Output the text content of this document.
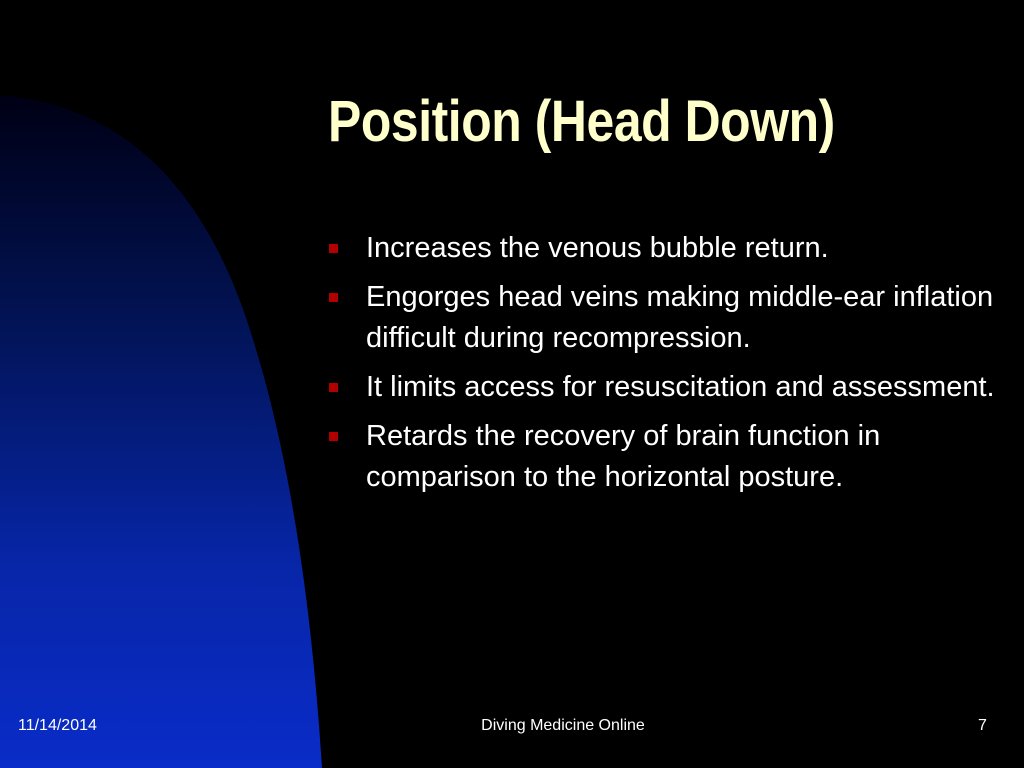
Position (Head Down)
Increases the venous bubble return.
Engorges head veins making middle-ear inflation difficult during recompression.
It limits access for resuscitation and assessment.
Retards the recovery of brain function in comparison to the horizontal posture.
11/14/2014	Diving Medicine Online	7
